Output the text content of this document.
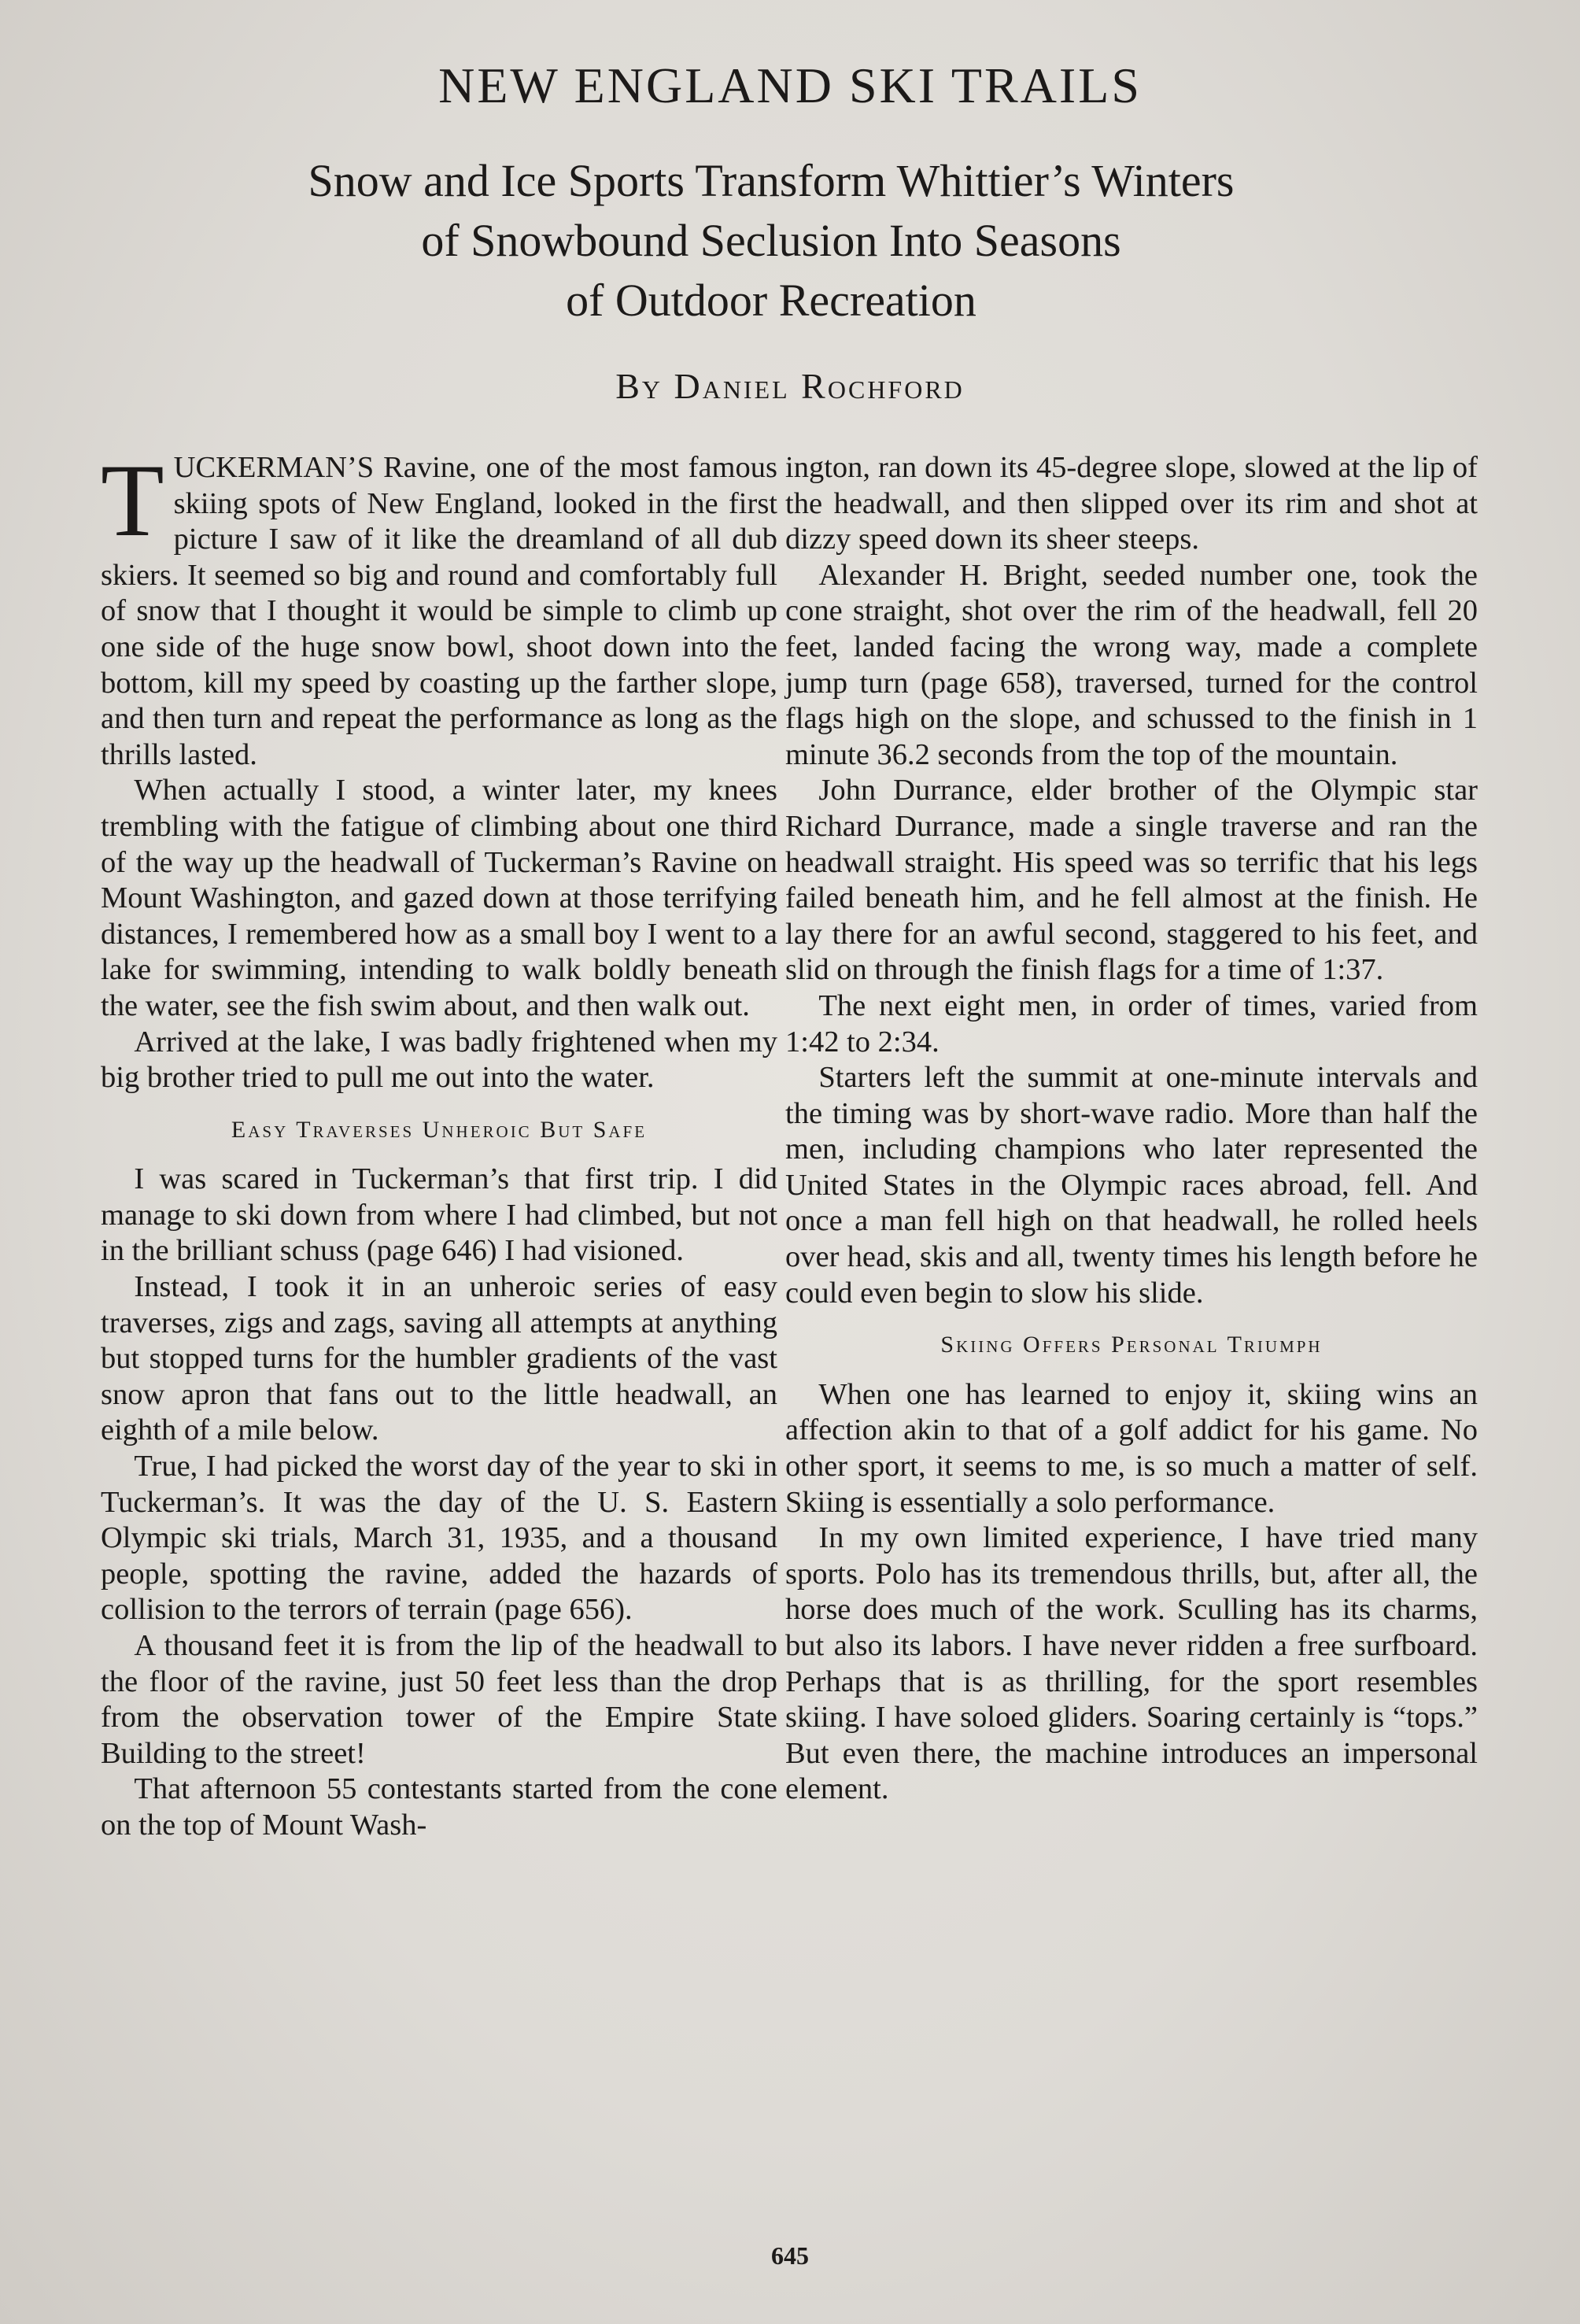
NEW ENGLAND SKI TRAILS
Snow and Ice Sports Transform Whittier’s Winters
of Snowbound Seclusion Into Seasons
of Outdoor Recreation
By Daniel Rochford

TUCKERMAN’S Ravine, one of the most famous skiing spots of New England, looked in the first picture I saw of it like the dreamland of all dub skiers. It seemed so big and round and comfortably full of snow that I thought it would be simple to climb up one side of the huge snow bowl, shoot down into the bottom, kill my speed by coasting up the farther slope, and then turn and repeat the performance as long as the thrills lasted.

When actually I stood, a winter later, my knees trembling with the fatigue of climbing about one third of the way up the headwall of Tuckerman’s Ravine on Mount Washington, and gazed down at those terrifying distances, I remembered how as a small boy I went to a lake for swimming, intending to walk boldly beneath the water, see the fish swim about, and then walk out.

Arrived at the lake, I was badly frightened when my big brother tried to pull me out into the water.

Easy Traverses Unheroic But Safe

I was scared in Tuckerman’s that first trip. I did manage to ski down from where I had climbed, but not in the brilliant schuss (page 646) I had visioned.

Instead, I took it in an unheroic series of easy traverses, zigs and zags, saving all attempts at anything but stopped turns for the humbler gradients of the vast snow apron that fans out to the little headwall, an eighth of a mile below.

True, I had picked the worst day of the year to ski in Tuckerman’s. It was the day of the U. S. Eastern Olympic ski trials, March 31, 1935, and a thousand people, spotting the ravine, added the hazards of collision to the terrors of terrain (page 656).

A thousand feet it is from the lip of the headwall to the floor of the ravine, just 50 feet less than the drop from the observation tower of the Empire State Building to the street!

That afternoon 55 contestants started from the cone on the top of Mount Wash-

ington, ran down its 45-degree slope, slowed at the lip of the headwall, and then slipped over its rim and shot at dizzy speed down its sheer steeps.

Alexander H. Bright, seeded number one, took the cone straight, shot over the rim of the headwall, fell 20 feet, landed facing the wrong way, made a complete jump turn (page 658), traversed, turned for the control flags high on the slope, and schussed to the finish in 1 minute 36.2 seconds from the top of the mountain.

John Durrance, elder brother of the Olympic star Richard Durrance, made a single traverse and ran the headwall straight. His speed was so terrific that his legs failed beneath him, and he fell almost at the finish. He lay there for an awful second, staggered to his feet, and slid on through the finish flags for a time of 1:37.

The next eight men, in order of times, varied from 1:42 to 2:34.

Starters left the summit at one-minute intervals and the timing was by short-wave radio. More than half the men, including champions who later represented the United States in the Olympic races abroad, fell. And once a man fell high on that headwall, he rolled heels over head, skis and all, twenty times his length before he could even begin to slow his slide.

Skiing Offers Personal Triumph

When one has learned to enjoy it, skiing wins an affection akin to that of a golf addict for his game. No other sport, it seems to me, is so much a matter of self. Skiing is essentially a solo performance.

In my own limited experience, I have tried many sports. Polo has its tremendous thrills, but, after all, the horse does much of the work. Sculling has its charms, but also its labors. I have never ridden a free surfboard. Perhaps that is as thrilling, for the sport resembles skiing. I have soloed gliders. Soaring certainly is “tops.” But even there, the machine introduces an impersonal element.

645
